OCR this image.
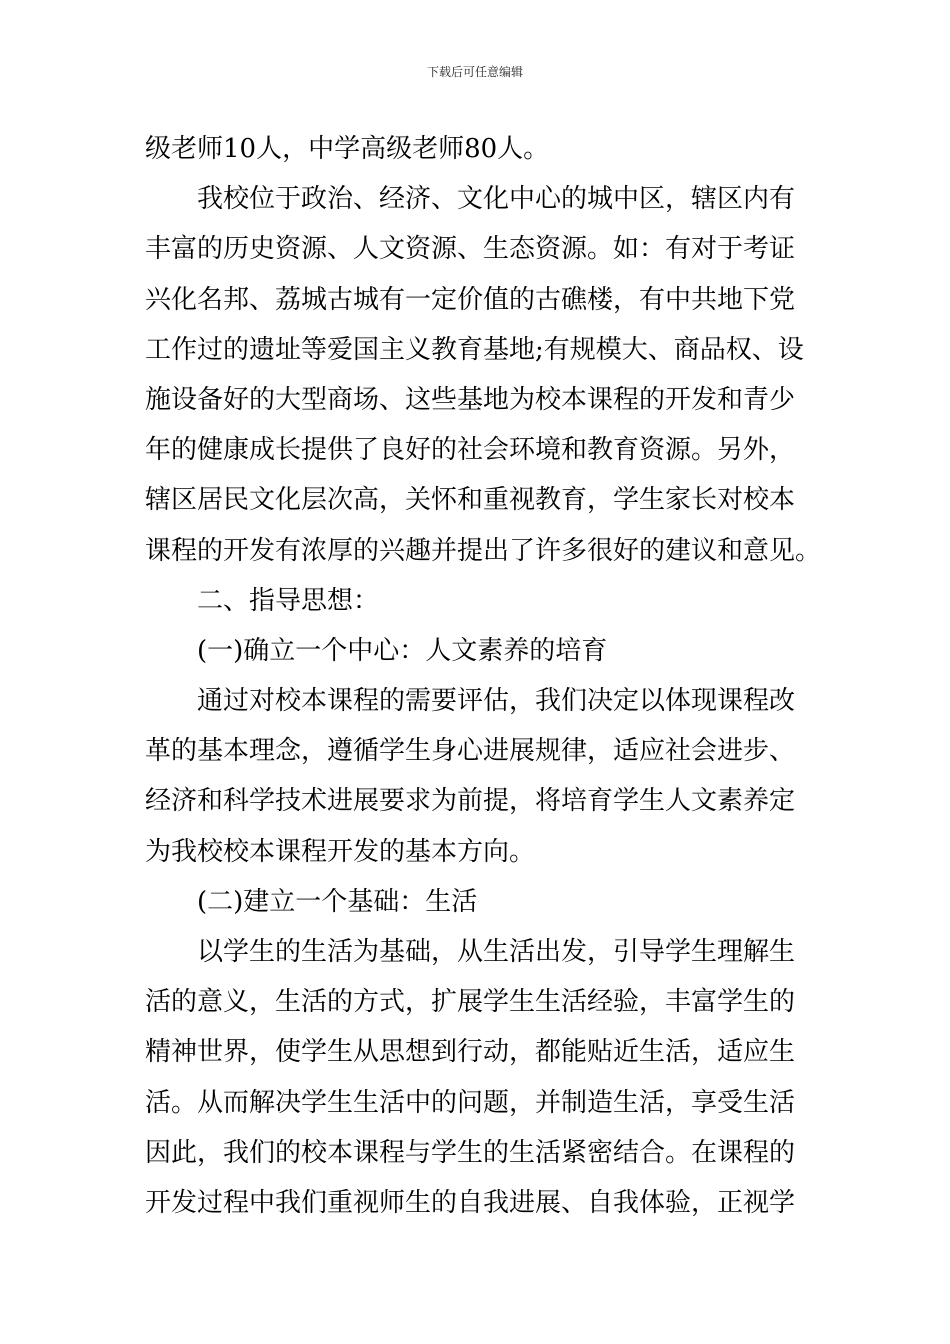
下载后可任意编辑
级老师10人，中学高级老师80人。
我校位于政治、经济、文化中心的城中区，辖区内有
丰富的历史资源、人文资源、生态资源。如：有对于考证
兴化名邦、荔城古城有一定价值的古礁楼，有中共地下党
工作过的遗址等爱国主义教育基地;有规模大、商品权、设
施设备好的大型商场、这些基地为校本课程的开发和青少
年的健康成长提供了良好的社会环境和教育资源。另外，
辖区居民文化层次高，关怀和重视教育，学生家长对校本
课程的开发有浓厚的兴趣并提出了许多很好的建议和意见。
二、指导思想：
(一)确立一个中心：人文素养的培育
通过对校本课程的需要评估，我们决定以体现课程改
革的基本理念，遵循学生身心进展规律，适应社会进步、
经济和科学技术进展要求为前提，将培育学生人文素养定
为我校校本课程开发的基本方向。
(二)建立一个基础：生活
以学生的生活为基础，从生活出发，引导学生理解生
活的意义，生活的方式，扩展学生生活经验，丰富学生的
精神世界，使学生从思想到行动，都能贴近生活，适应生
活。从而解决学生生活中的问题，并制造生活，享受生活
因此，我们的校本课程与学生的生活紧密结合。在课程的
开发过程中我们重视师生的自我进展、自我体验，正视学
